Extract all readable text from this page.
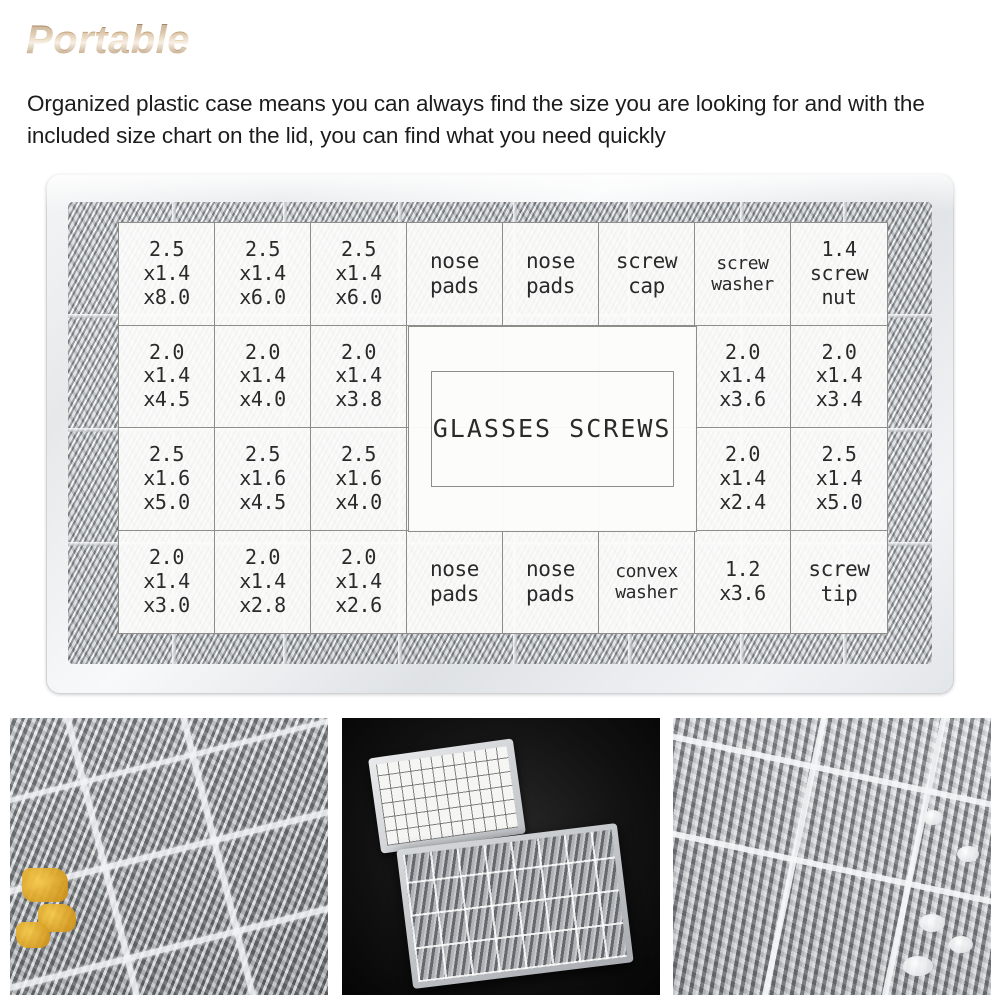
Portable
Organized plastic case means you can always find the size you are looking for and with the included size chart on the lid, you can find what you need quickly
2.5
x1.4
x8.0
2.5
x1.4
x6.0
2.5
x1.4
x6.0
nose
pads
nose
pads
screw
cap
screw
washer
1.4
screw
nut
2.0
x1.4
x4.5
2.0
x1.4
x4.0
2.0
x1.4
x3.8
2.0
x1.4
x3.6
2.0
x1.4
x3.4
2.5
x1.6
x5.0
2.5
x1.6
x4.5
2.5
x1.6
x4.0
2.0
x1.4
x2.4
2.5
x1.4
x5.0
2.0
x1.4
x3.0
2.0
x1.4
x2.8
2.0
x1.4
x2.6
nose
pads
nose
pads
convex
washer
1.2
x3.6
screw
tip
GLASSES SCREWS
